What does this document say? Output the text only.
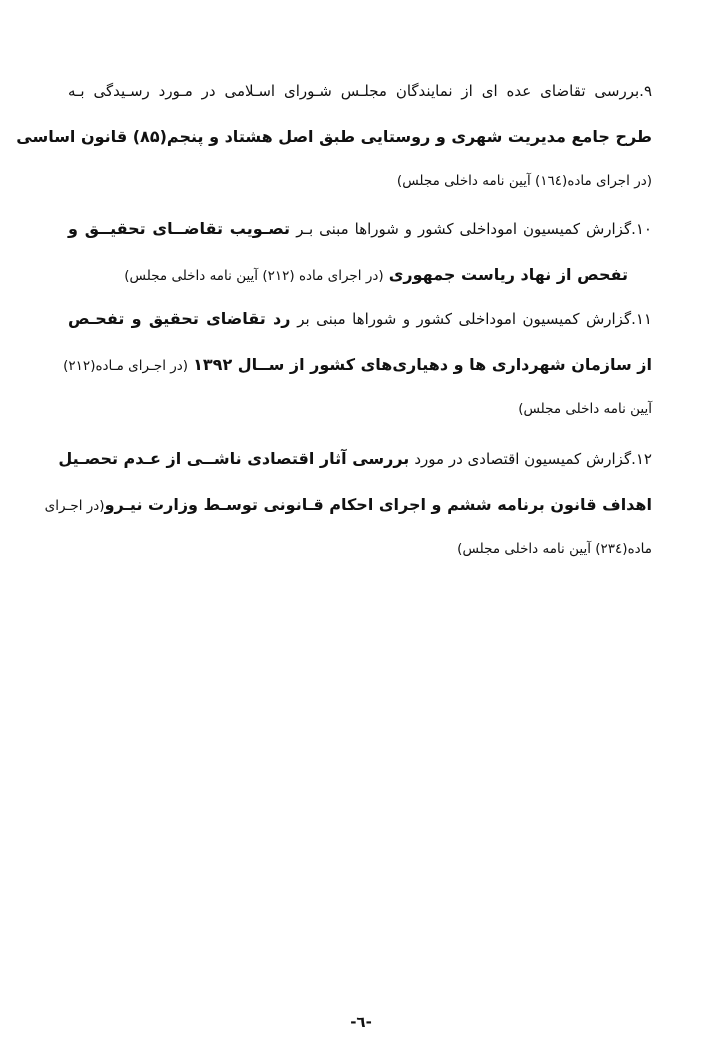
۹.بررسی تقاضای عده ای از نمایندگان مجلـس شـورای اسـلامی در مـورد رسـیدگی بـه
طرح جامع مدیریت شهری و روستایی طبق اصل هشتاد و پنجم(۸۵) قانون اساسی
(در اجرای ماده(١٦٤) آیین نامه داخلی مجلس)
۱۰.گزارش کمیسیون اموداخلی کشور و شوراها مبنی بـر تصـویب تقاضــای تحقیــق و
تفحص از نهاد ریاست جمهوری (در اجرای ماده (۲۱۲) آیین نامه داخلی مجلس)
۱۱.گزارش کمیسیون اموداخلی کشور و شوراها مبنی بر رد تقاضای تحقیق و تفحـص
از سازمان شهرداری ها و دهیاری‌های کشور از ســال ۱۳۹۲ (در اجـرای مـاده(۲۱۲)
آیین نامه داخلی مجلس)
۱۲.گزارش کمیسیون اقتصادی در مورد بررسی آثار اقتصادی ناشــی از عـدم تحصـیل
اهداف قانون برنامه ششم و اجرای احکام قـانونی توسـط وزارت نیـرو(در اجـرای
ماده(٢٣٤) آیین نامه داخلی مجلس)
-٦-
